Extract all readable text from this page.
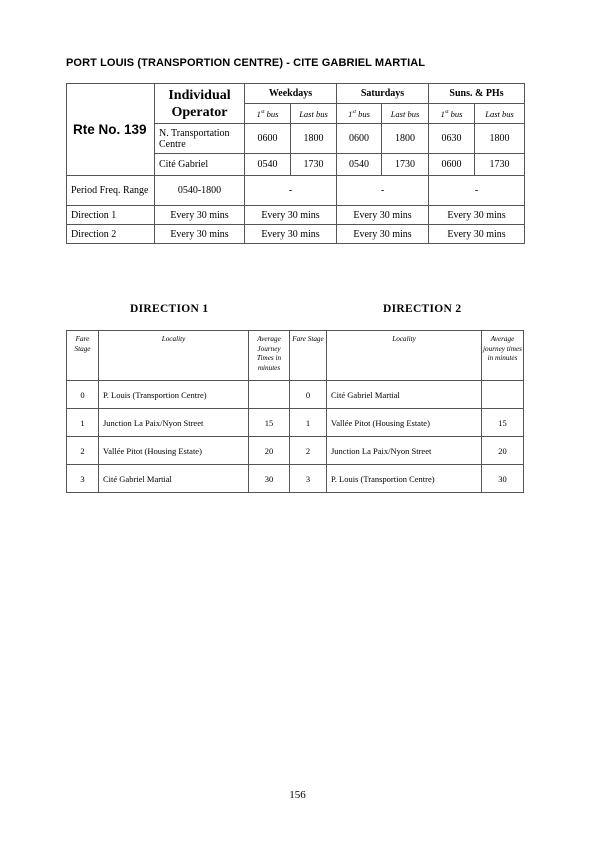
PORT LOUIS (TRANSPORTION CENTRE) - CITE GABRIEL MARTIAL
Rte No. 139	Individual
Operator	Weekdays		Saturdays		Suns. & PHs	
		1st bus	Last bus	1st bus	Last bus	1st bus	Last bus
	N. Transportation Centre	0600	1800	0600	1800	0630	1800
	Cité Gabriel	0540	1730	0540	1730	0600	1730
Period Freq. Range	0540-1800	-		-		-	
Direction 1	Every 30 mins	Every 30 mins		Every 30 mins		Every 30 mins	
Direction 2	Every 30 mins	Every 30 mins		Every 30 mins		Every 30 mins	
DIRECTION 1	DIRECTION 2
Fare Stage	Locality	Average Journey Times in minutes	Fare Stage	Locality	Average journey times in minutes
0	P. Louis (Transportion Centre)		0	Cité Gabriel Martial	
1	Junction La Paix/Nyon Street	15	1	Vallée Pitot (Housing Estate)	15
2	Vallée Pitot (Housing Estate)	20	2	Junction La Paix/Nyon Street	20
3	Cité Gabriel Martial	30	3	P. Louis (Transportion Centre)	30
156
